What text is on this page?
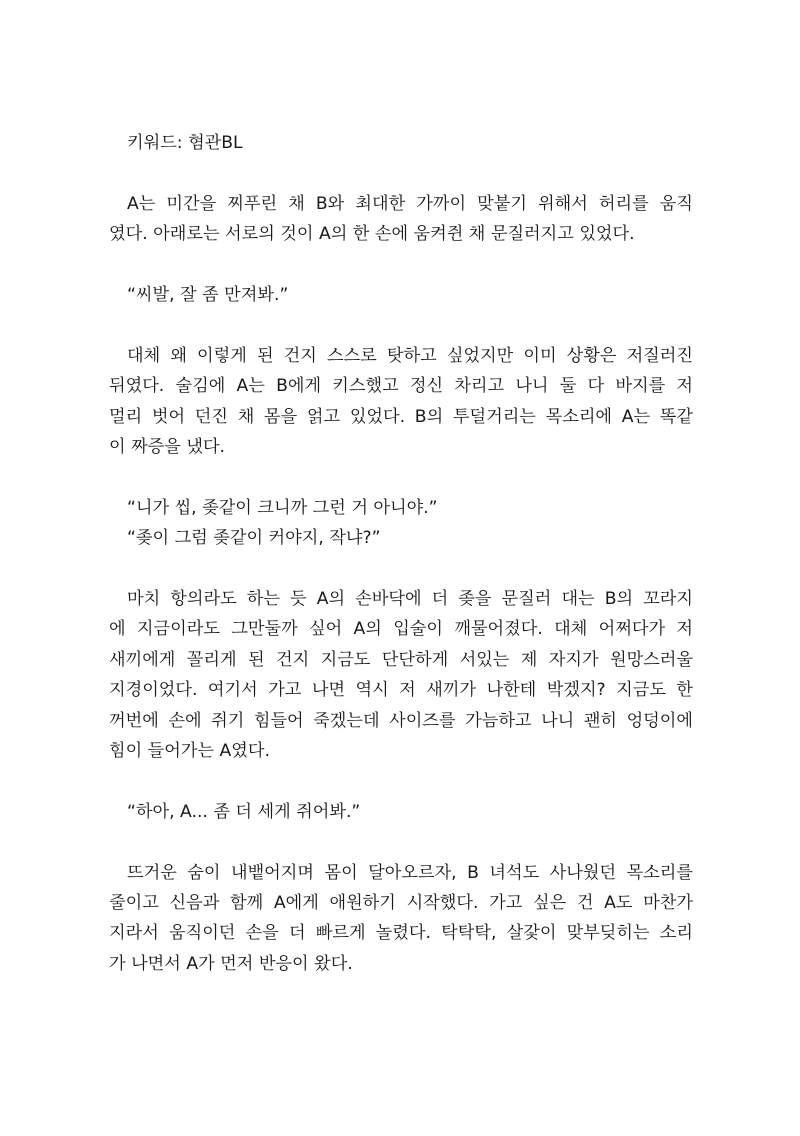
키워드: 혐관BL

A는 미간을 찌푸린 채 B와 최대한 가까이 맞붙기 위해서 허리를 움직
였다. 아래로는 서로의 것이 A의 한 손에 움켜쥔 채 문질러지고 있었다.

“씨발, 잘 좀 만져봐.”

대체 왜 이렇게 된 건지 스스로 탓하고 싶었지만 이미 상황은 저질러진
뒤였다. 술김에 A는 B에게 키스했고 정신 차리고 나니 둘 다 바지를 저
멀리 벗어 던진 채 몸을 얽고 있었다. B의 투덜거리는 목소리에 A는 똑같
이 짜증을 냈다.

“니가 씹, 좆같이 크니까 그런 거 아니야.”

“좆이 그럼 좆같이 커야지, 작냐?”

마치 항의라도 하는 듯 A의 손바닥에 더 좆을 문질러 대는 B의 꼬라지
에 지금이라도 그만둘까 싶어 A의 입술이 깨물어졌다. 대체 어쩌다가 저
새끼에게 꼴리게 된 건지 지금도 단단하게 서있는 제 자지가 원망스러울
지경이었다. 여기서 가고 나면 역시 저 새끼가 나한테 박겠지? 지금도 한
꺼번에 손에 쥐기 힘들어 죽겠는데 사이즈를 가늠하고 나니 괜히 엉덩이에
힘이 들어가는 A였다.

“하아, A... 좀 더 세게 쥐어봐.”

뜨거운 숨이 내뱉어지며 몸이 달아오르자, B 녀석도 사나웠던 목소리를
줄이고 신음과 함께 A에게 애원하기 시작했다. 가고 싶은 건 A도 마찬가
지라서 움직이던 손을 더 빠르게 놀렸다. 탁탁탁, 살갗이 맞부딪히는 소리
가 나면서 A가 먼저 반응이 왔다.
